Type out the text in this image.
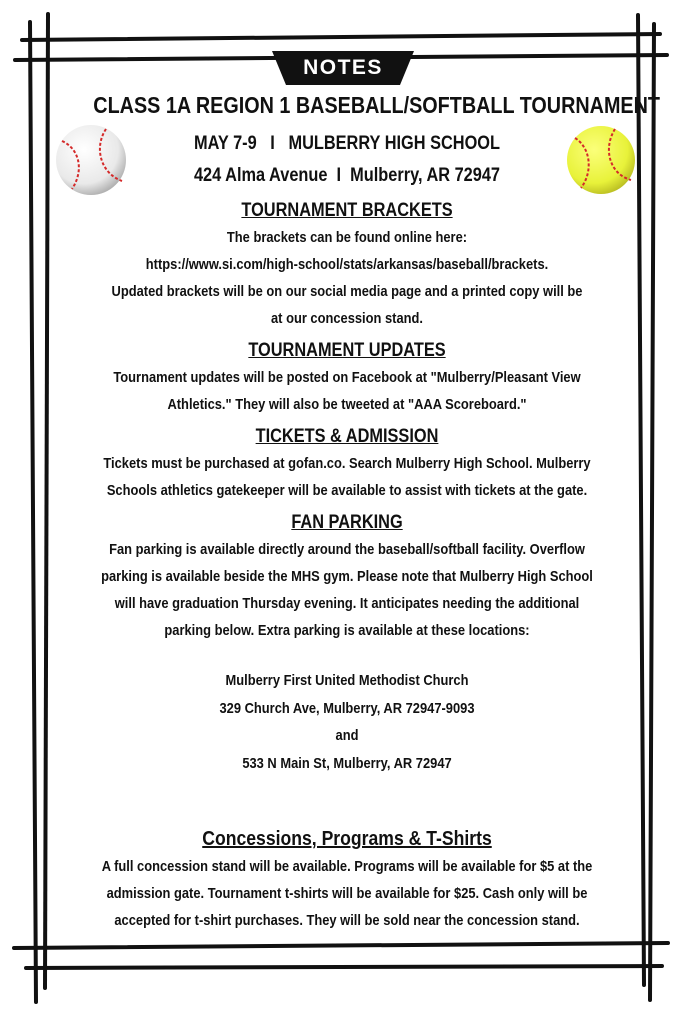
NOTES
CLASS 1A REGION 1 BASEBALL/SOFTBALL TOURNAMENT
MAY 7-9   I   MULBERRY HIGH SCHOOL
424 Alma Avenue  I  Mulberry, AR 72947
TOURNAMENT BRACKETS

The brackets can be found online here:

https://www.si.com/high-school/stats/arkansas/baseball/brackets.

Updated brackets will be on our social media page and a printed copy will be

at our concession stand.

TOURNAMENT UPDATES

Tournament updates will be posted on Facebook at "Mulberry/Pleasant View

Athletics." They will also be tweeted at "AAA Scoreboard."

TICKETS & ADMISSION

Tickets must be purchased at gofan.co. Search Mulberry High School. Mulberry

Schools athletics gatekeeper will be available to assist with tickets at the gate.

FAN PARKING

Fan parking is available directly around the baseball/softball facility. Overflow

parking is available beside the MHS gym. Please note that Mulberry High School

will have graduation Thursday evening. It anticipates needing the additional

parking below. Extra parking is available at these locations:

Mulberry First United Methodist Church

329 Church Ave, Mulberry, AR 72947-9093

and

533 N Main St, Mulberry, AR 72947

Concessions, Programs & T-Shirts

A full concession stand will be available. Programs will be available for $5 at the

admission gate. Tournament t-shirts will be available for $25. Cash only will be

accepted for t-shirt purchases. They will be sold near the concession stand.
